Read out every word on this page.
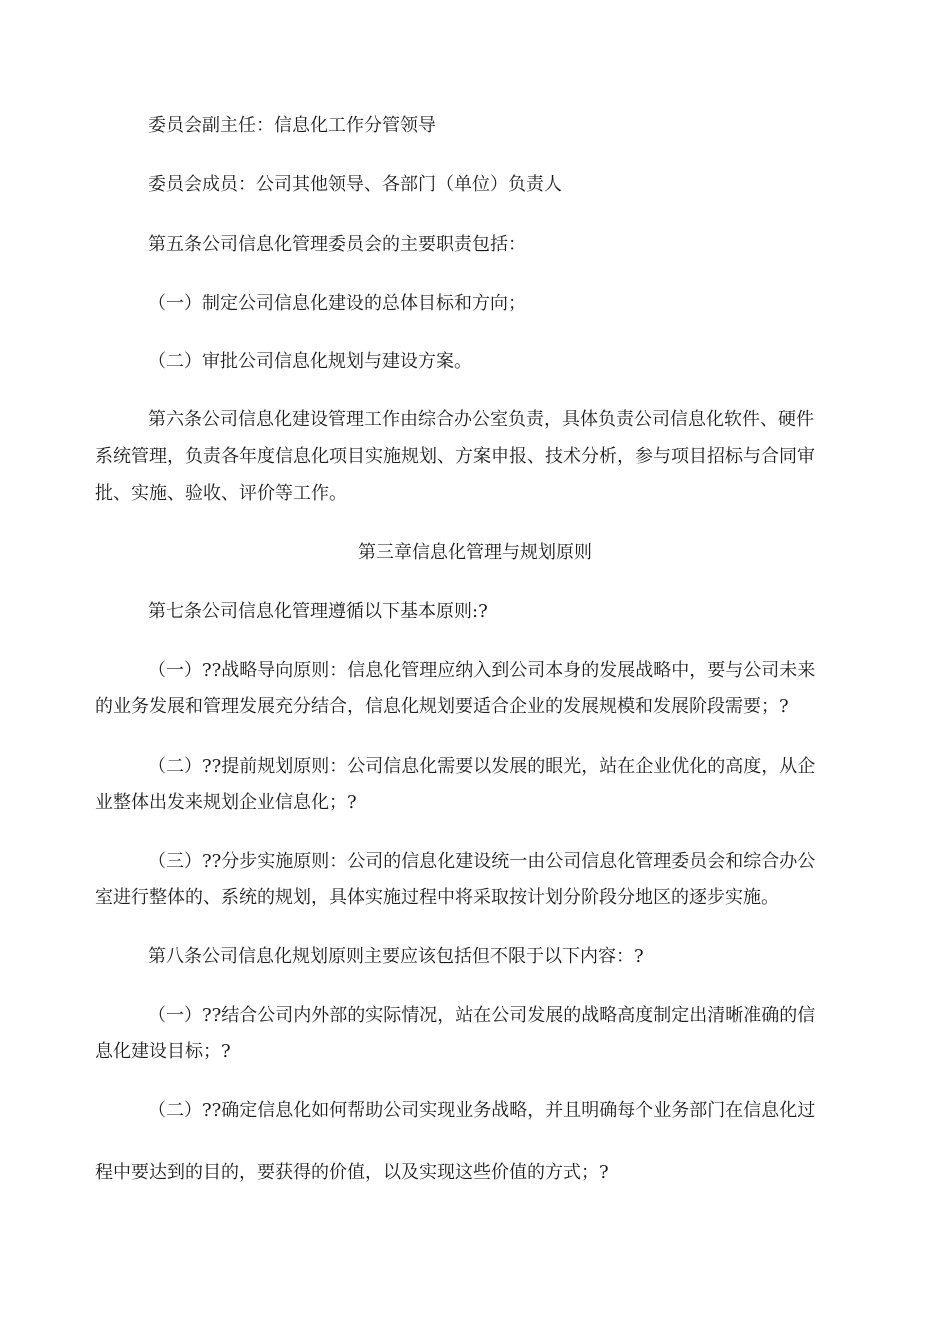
委员会副主任：信息化工作分管领导

委员会成员：公司其他领导、各部门（单位）负责人

第五条公司信息化管理委员会的主要职责包括：

（一）制定公司信息化建设的总体目标和方向；

（二）审批公司信息化规划与建设方案。

第六条公司信息化建设管理工作由综合办公室负责，具体负责公司信息化软件、硬件

系统管理，负责各年度信息化项目实施规划、方案申报、技术分析，参与项目招标与合同审

批、实施、验收、评价等工作。

第三章信息化管理与规划原则

第七条公司信息化管理遵循以下基本原则:?

（一）??战略导向原则：信息化管理应纳入到公司本身的发展战略中，要与公司未来

的业务发展和管理发展充分结合，信息化规划要适合企业的发展规模和发展阶段需要；?

（二）??提前规划原则：公司信息化需要以发展的眼光，站在企业优化的高度，从企

业整体出发来规划企业信息化；?

（三）??分步实施原则：公司的信息化建设统一由公司信息化管理委员会和综合办公

室进行整体的、系统的规划，具体实施过程中将采取按计划分阶段分地区的逐步实施。

第八条公司信息化规划原则主要应该包括但不限于以下内容：?

（一）??结合公司内外部的实际情况，站在公司发展的战略高度制定出清晰准确的信

息化建设目标；?

（二）??确定信息化如何帮助公司实现业务战略，并且明确每个业务部门在信息化过

程中要达到的目的，要获得的价值，以及实现这些价值的方式；?
